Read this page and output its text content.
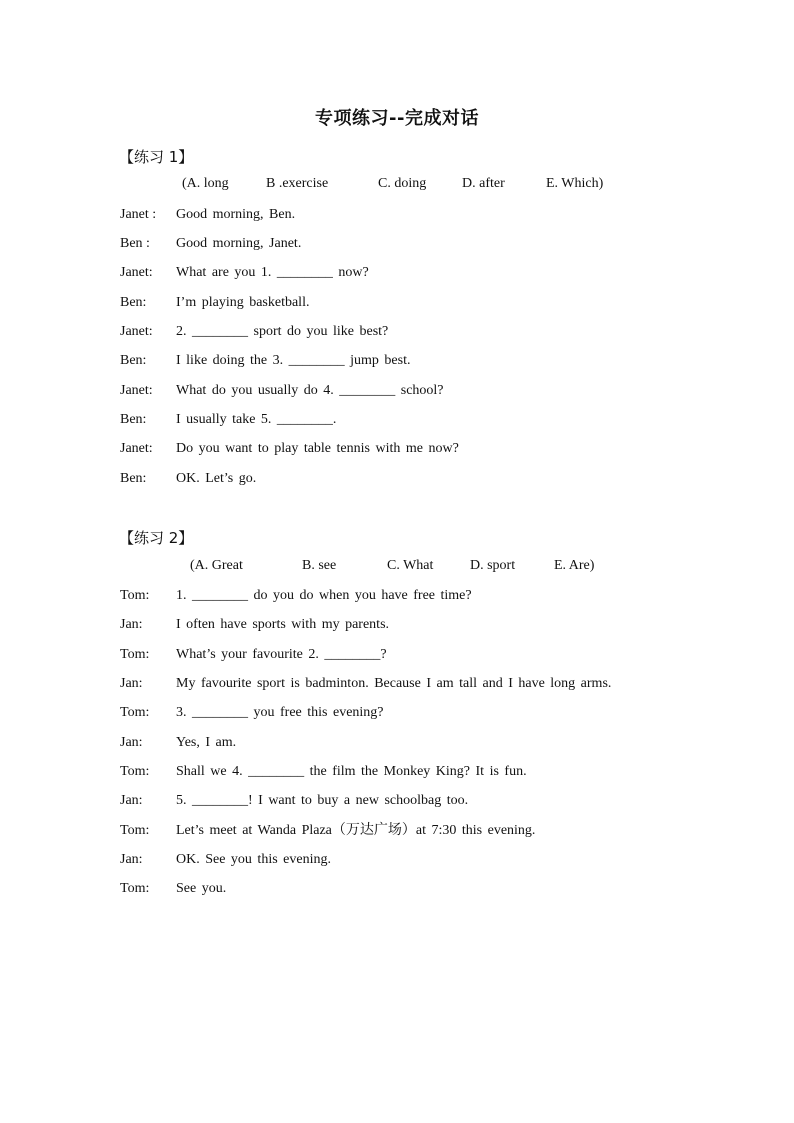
专项练习--完成对话
【练习 1】
(A. long	B .exercise	C. doing	D. after	E. Which)
Janet : Good morning, Ben.
Ben : Good morning, Janet.
Janet: What are you 1. ________ now?
Ben: I’m playing basketball.
Janet: 2. ________ sport do you like best?
Ben: I like doing the 3. ________ jump best.
Janet: What do you usually do 4. ________ school?
Ben: I usually take 5. ________.
Janet: Do you want to play table tennis with me now?
Ben: OK. Let’s go.
【练习 2】
(A. Great	B. see	C. What	D. sport	E. Are)
Tom: 1. ________ do you do when you have free time?
Jan: I often have sports with my parents.
Tom: What’s your favourite 2. ________?
Jan: My favourite sport is badminton. Because I am tall and I have long arms.
Tom: 3. ________ you free this evening?
Jan: Yes, I am.
Tom: Shall we 4. ________ the film the Monkey King? It is fun.
Jan: 5. ________! I want to buy a new schoolbag too.
Tom: Let’s meet at Wanda Plaza（万达广场）at 7:30 this evening.
Jan: OK. See you this evening.
Tom: See you.
